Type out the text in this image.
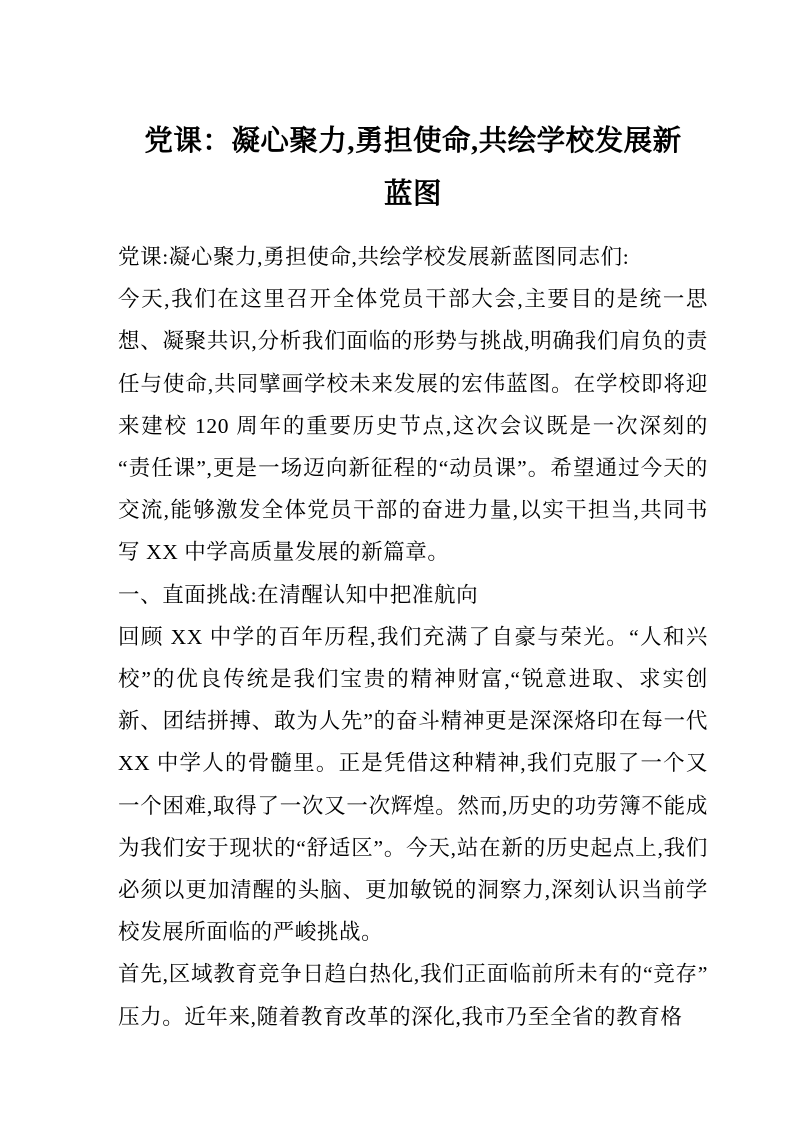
党课：凝心聚力,勇担使命,共绘学校发展新
蓝图

党课:凝心聚力,勇担使命,共绘学校发展新蓝图同志们:

今天,我们在这里召开全体党员干部大会,主要目的是统一思想、凝聚共识,分析我们面临的形势与挑战,明确我们肩负的责任与使命,共同擘画学校未来发展的宏伟蓝图。在学校即将迎来建校 120 周年的重要历史节点,这次会议既是一次深刻的“责任课”,更是一场迈向新征程的“动员课”。希望通过今天的交流,能够激发全体党员干部的奋进力量,以实干担当,共同书写 XX 中学高质量发展的新篇章。

一、直面挑战:在清醒认知中把准航向

回顾 XX 中学的百年历程,我们充满了自豪与荣光。“人和兴校”的优良传统是我们宝贵的精神财富,“锐意进取、求实创新、团结拼搏、敢为人先”的奋斗精神更是深深烙印在每一代 XX 中学人的骨髓里。正是凭借这种精神,我们克服了一个又一个困难,取得了一次又一次辉煌。然而,历史的功劳簿不能成为我们安于现状的“舒适区”。今天,站在新的历史起点上,我们必须以更加清醒的头脑、更加敏锐的洞察力,深刻认识当前学校发展所面临的严峻挑战。

首先,区域教育竞争日趋白热化,我们正面临前所未有的“竞存”压力。近年来,随着教育改革的深化,我市乃至全省的教育格
